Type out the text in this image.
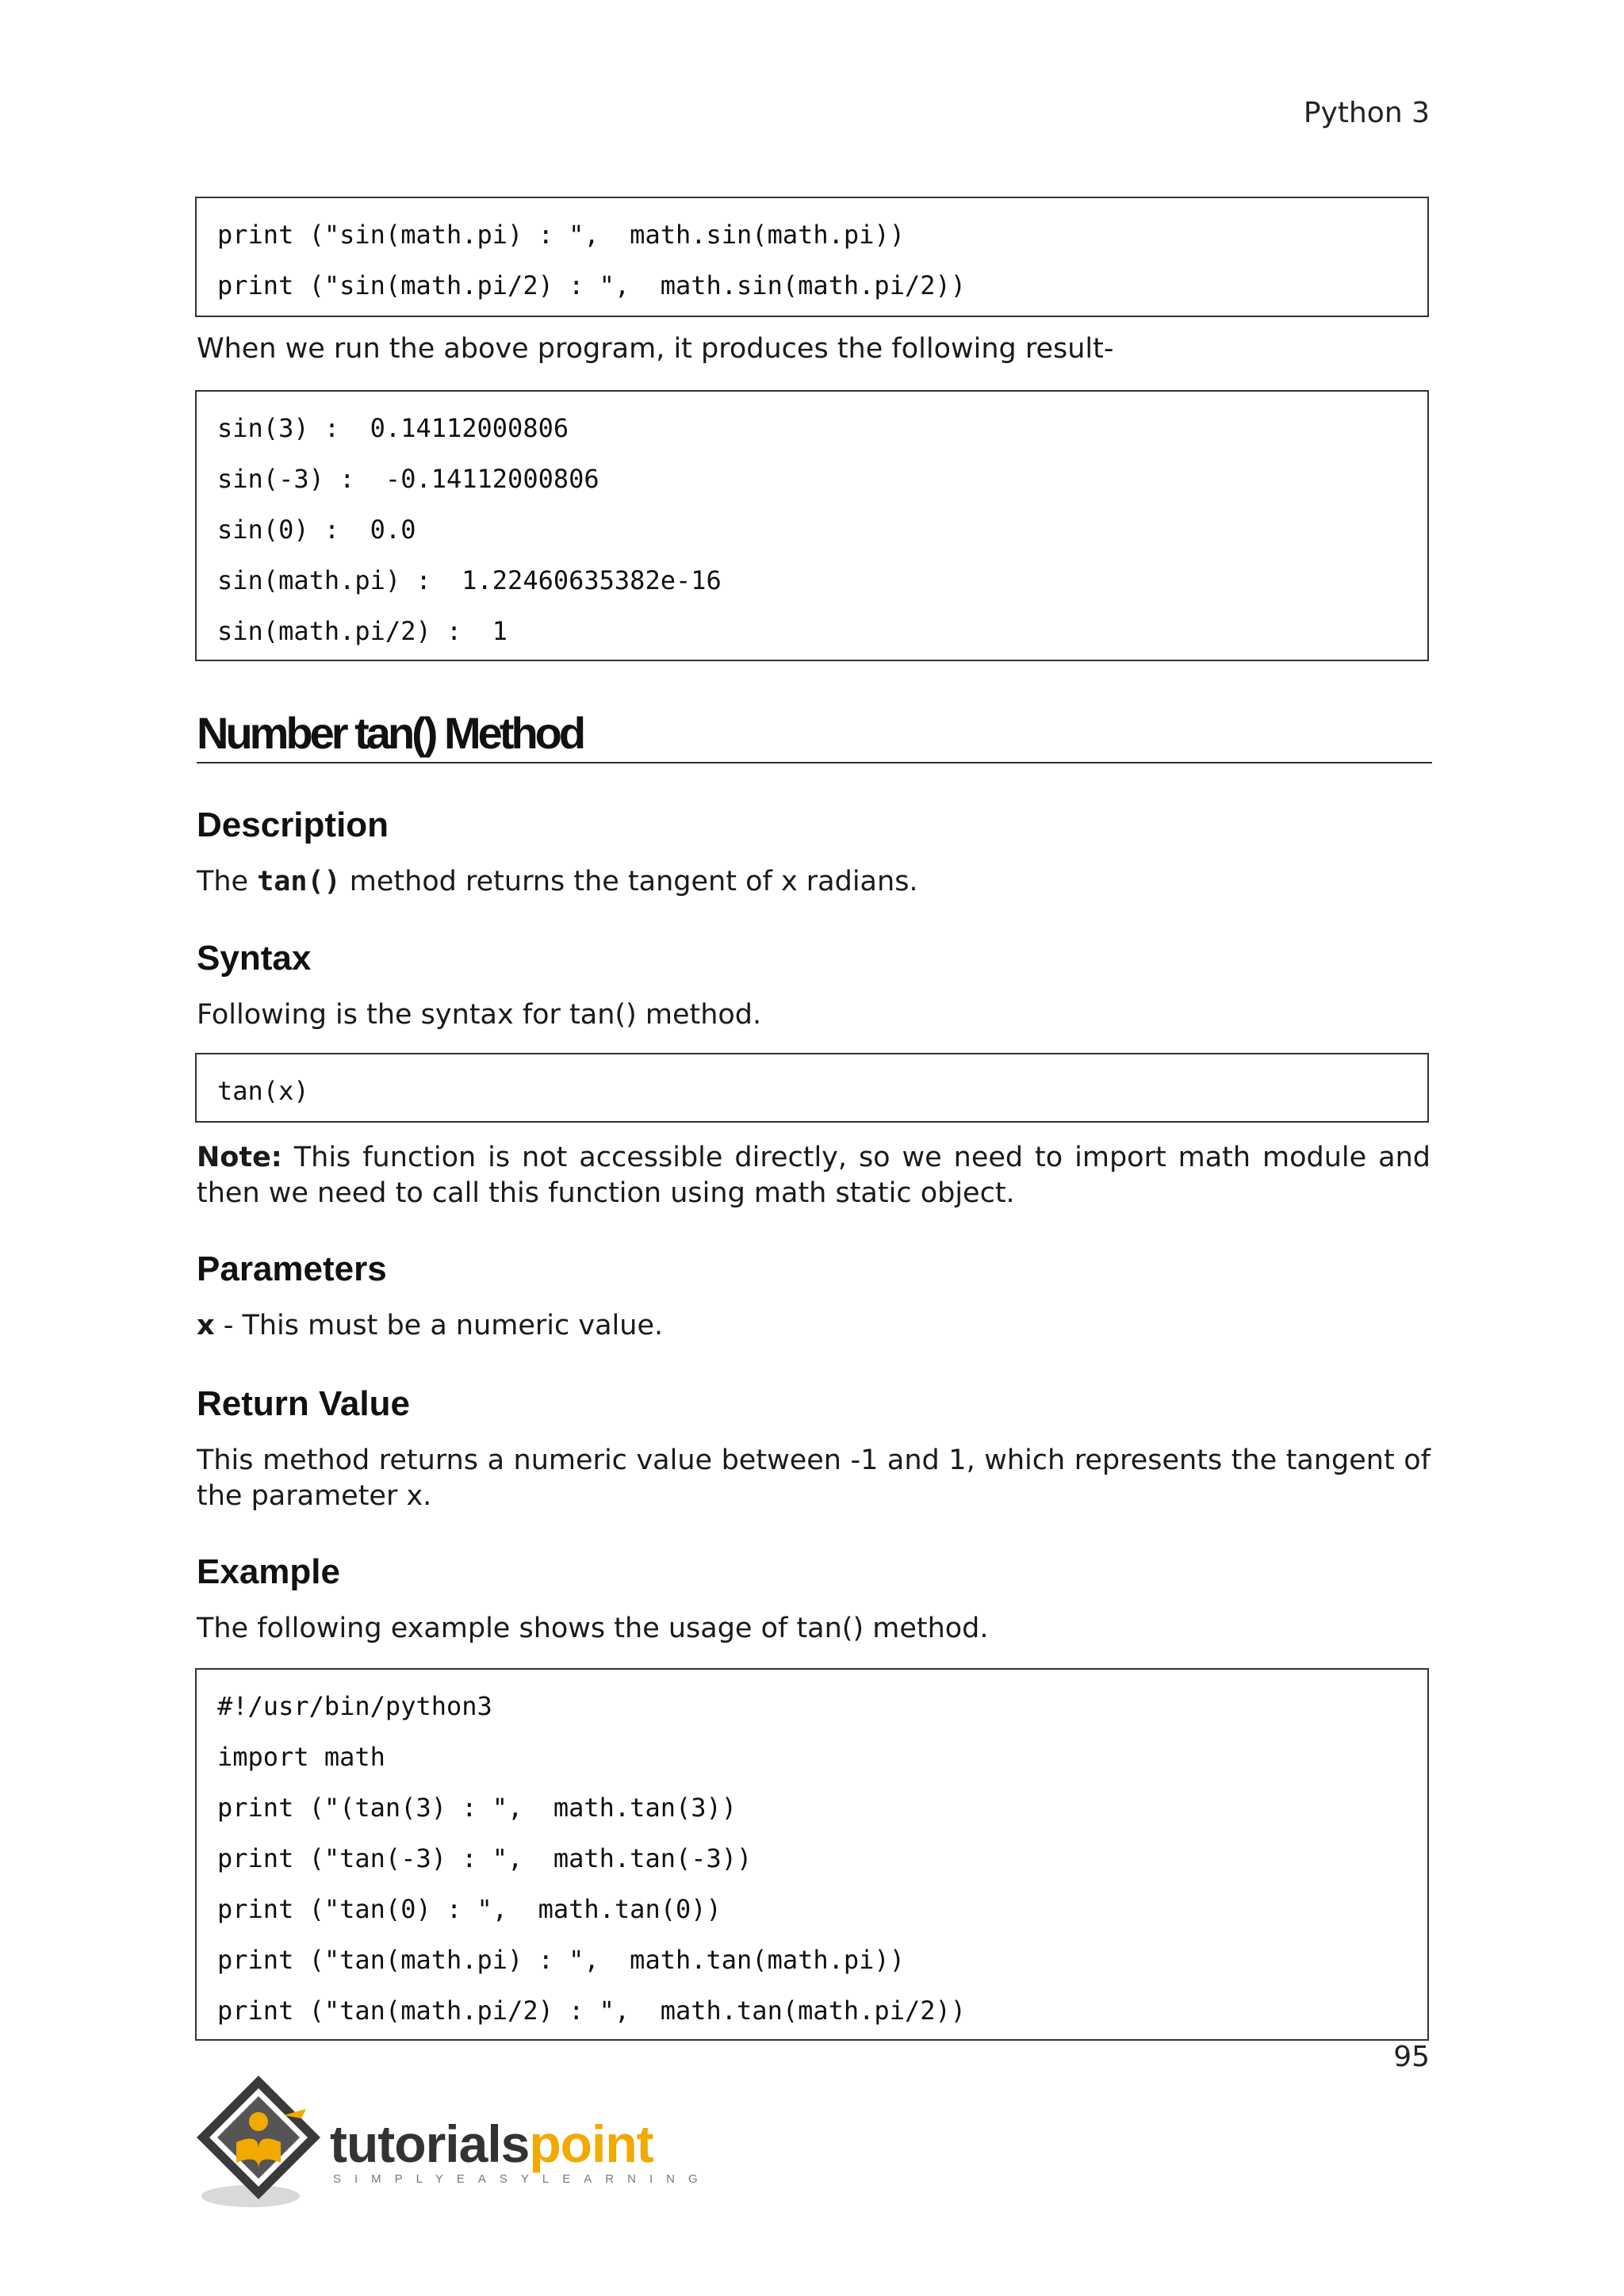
Python 3
print ("sin(math.pi) : ",  math.sin(math.pi))
print ("sin(math.pi/2) : ",  math.sin(math.pi/2))
When we run the above program, it produces the following result-
sin(3) :  0.14112000806
sin(-3) :  -0.14112000806
sin(0) :  0.0
sin(math.pi) :  1.22460635382e-16
sin(math.pi/2) :  1
Number tan() Method
Description
The tan() method returns the tangent of x radians.
Syntax
Following is the syntax for tan() method.
tan(x)
Note: This function is not accessible directly, so we need to import math module and then we need to call this function using math static object.
Parameters
x - This must be a numeric value.
Return Value
This method returns a numeric value between -1 and 1, which represents the tangent of the parameter x.
Example
The following example shows the usage of tan() method.
#!/usr/bin/python3
import math
print ("(tan(3) : ",  math.tan(3))
print ("tan(-3) : ",  math.tan(-3))
print ("tan(0) : ",  math.tan(0))
print ("tan(math.pi) : ",  math.tan(math.pi))
print ("tan(math.pi/2) : ",  math.tan(math.pi/2))
95
tutorialspoint
SIMPLYEASYLEARNING
